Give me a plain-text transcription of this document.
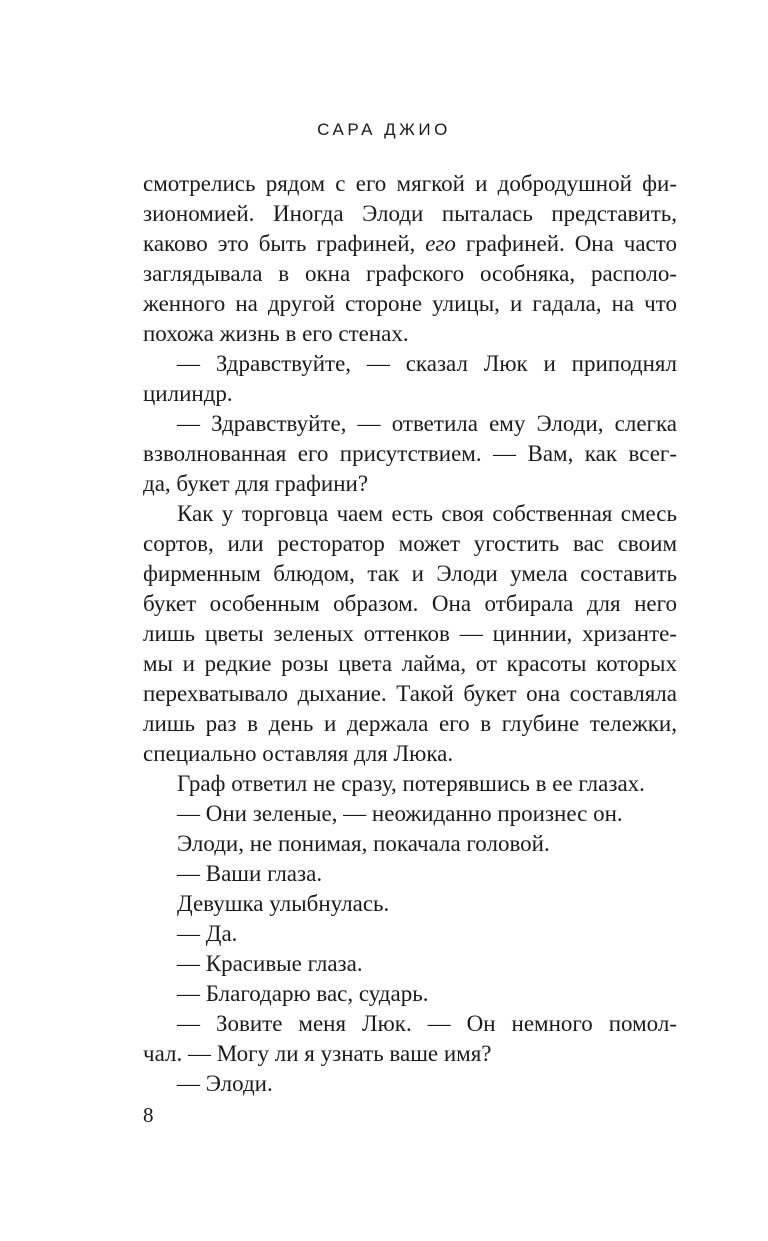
САРА ДЖИО
смотрелись рядом с его мягкой и добродушной фи-
зиономией. Иногда Элоди пыталась представить,
каково это быть графиней, его графиней. Она часто
заглядывала в окна графского особняка, располо-
женного на другой стороне улицы, и гадала, на что
похожа жизнь в его стенах.
— Здравствуйте, — сказал Люк и приподнял
цилиндр.
— Здравствуйте, — ответила ему Элоди, слегка
взволнованная его присутствием. — Вам, как всег-
да, букет для графини?
Как у торговца чаем есть своя собственная смесь
сортов, или ресторатор может угостить вас своим
фирменным блюдом, так и Элоди умела составить
букет особенным образом. Она отбирала для него
лишь цветы зеленых оттенков — циннии, хризанте-
мы и редкие розы цвета лайма, от красоты которых
перехватывало дыхание. Такой букет она составляла
лишь раз в день и держала его в глубине тележки,
специально оставляя для Люка.
Граф ответил не сразу, потерявшись в ее глазах.
— Они зеленые, — неожиданно произнес он.
Элоди, не понимая, покачала головой.
— Ваши глаза.
Девушка улыбнулась.
— Да.
— Красивые глаза.
— Благодарю вас, сударь.
— Зовите меня Люк. — Он немного помол-
чал. — Могу ли я узнать ваше имя?
— Элоди.
8
